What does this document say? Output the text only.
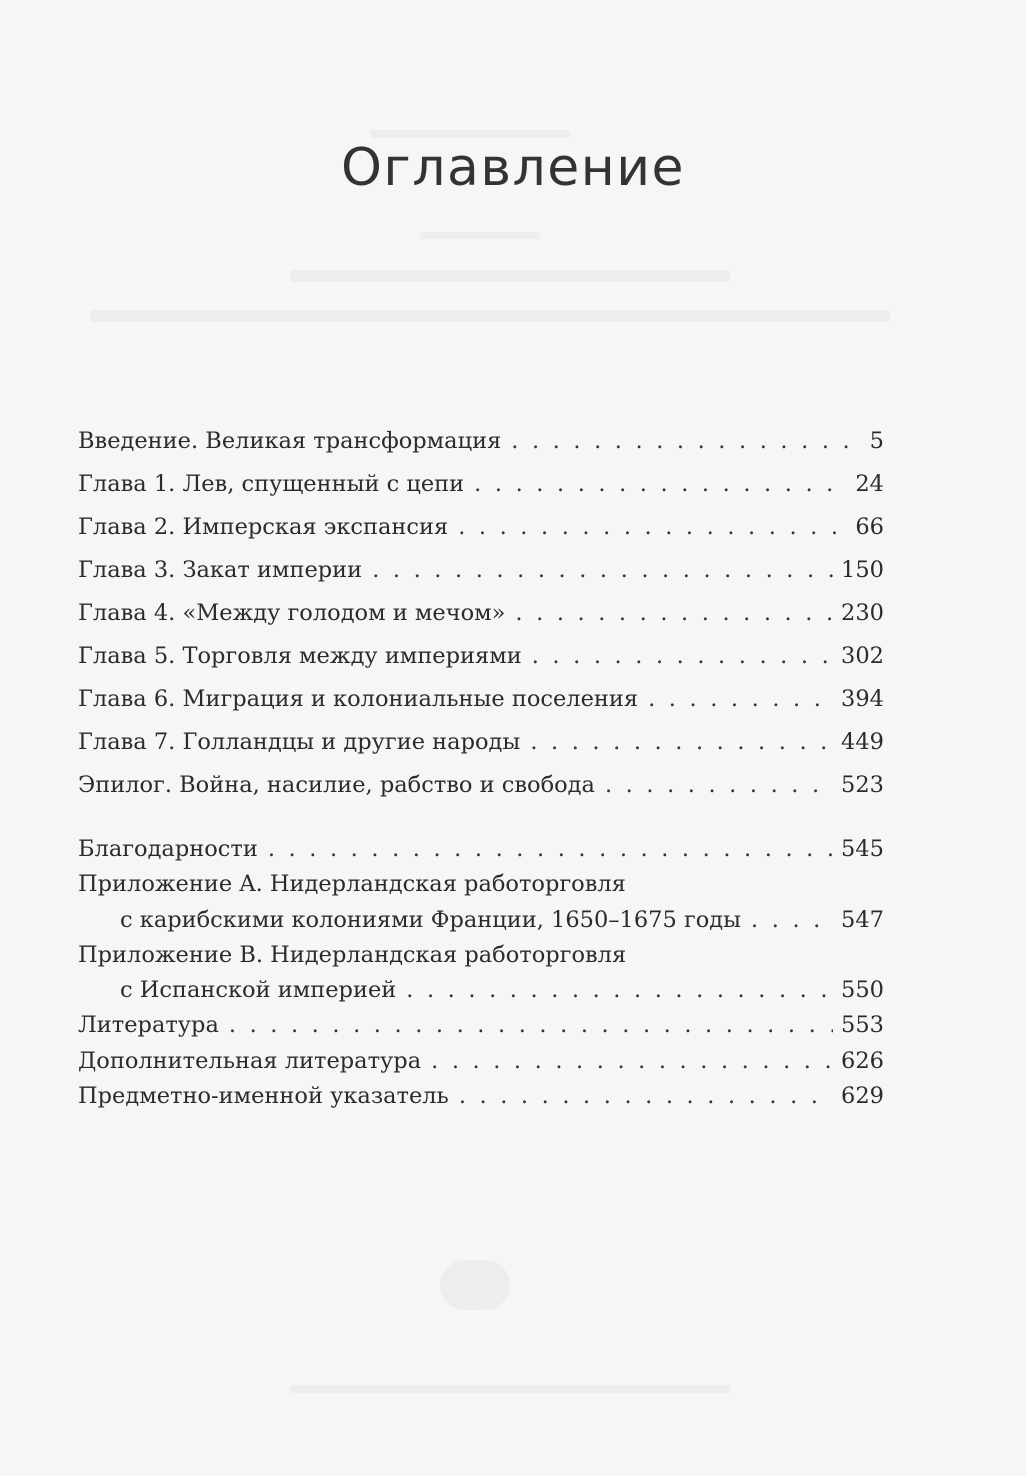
Оглавление
Введение. Великая трансформация . . .	5
Глава 1. Лев, спущенный с цепи . . .	24
Глава 2. Имперская экспансия . . .	66
Глава 3. Закат империи . . .	150
Глава 4. «Между голодом и мечом» . . .	230
Глава 5. Торговля между империями . . .	302
Глава 6. Миграция и колониальные поселения . . .	394
Глава 7. Голландцы и другие народы . . .	449
Эпилог. Война, насилие, рабство и свобода . . .	523
Благодарности . . .	545
Приложение A. Нидерландская работорговля
с карибскими колониями Франции, 1650–1675 годы . . .	547
Приложение B. Нидерландская работорговля
с Испанской империей . . .	550
Литература . . .	553
Дополнительная литература . . .	626
Предметно-именной указатель . . .	629
